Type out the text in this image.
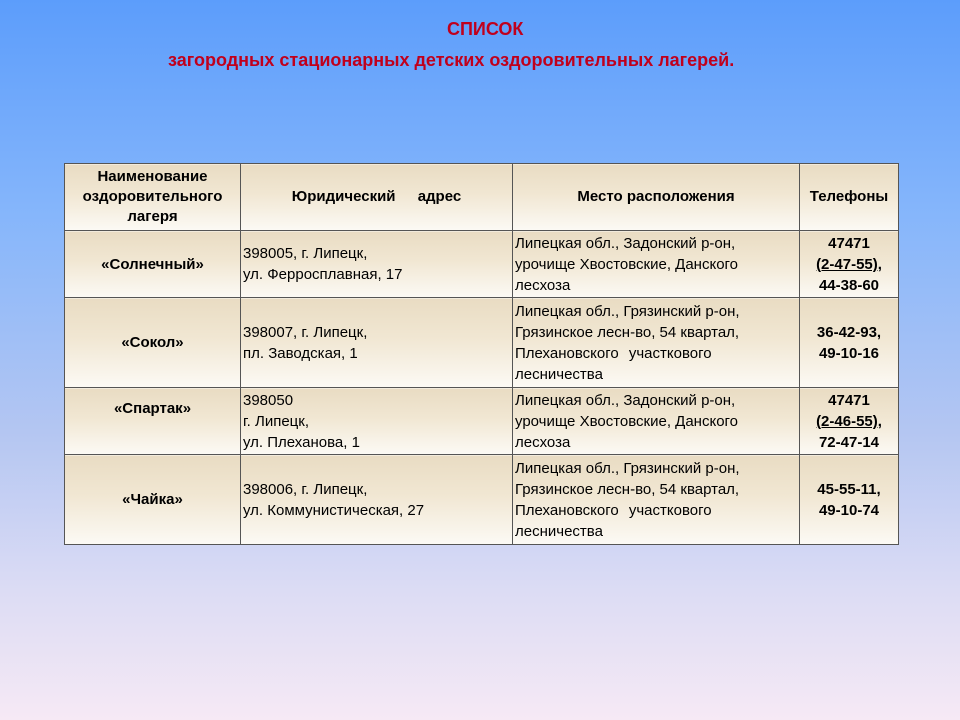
СПИСОК
загородных стационарных детских оздоровительных лагерей.
Наименование
оздоровительного
лагеря	Юридический адрес	Место расположения	Телефоны
«Солнечный»	398005, г. Липецк,
ул. Ферросплавная, 17	Липецкая обл., Задонский р-он,
урочище Хвостовские, Данского
лесхоза	47471
(2-47-55),
44-38-60

«Сокол»	398007, г. Липецк,
пл. Заводская, 1	Липецкая обл., Грязинский р-он,
Грязинское лесн-во, 54 квартал,
Плехановского участкового
лесничества	36-42-93,
49-10-16

«Спартак»	398050
г. Липецк,
ул. Плеханова, 1	Липецкая обл., Задонский р-он,
урочище Хвостовские, Данского
лесхоза	47471
(2-46-55),
72-47-14

«Чайка»	398006, г. Липецк,
ул. Коммунистическая, 27	Липецкая обл., Грязинский р-он,
Грязинское лесн-во, 54 квартал,
Плехановского участкового
лесничества	45-55-11,
49-10-74
